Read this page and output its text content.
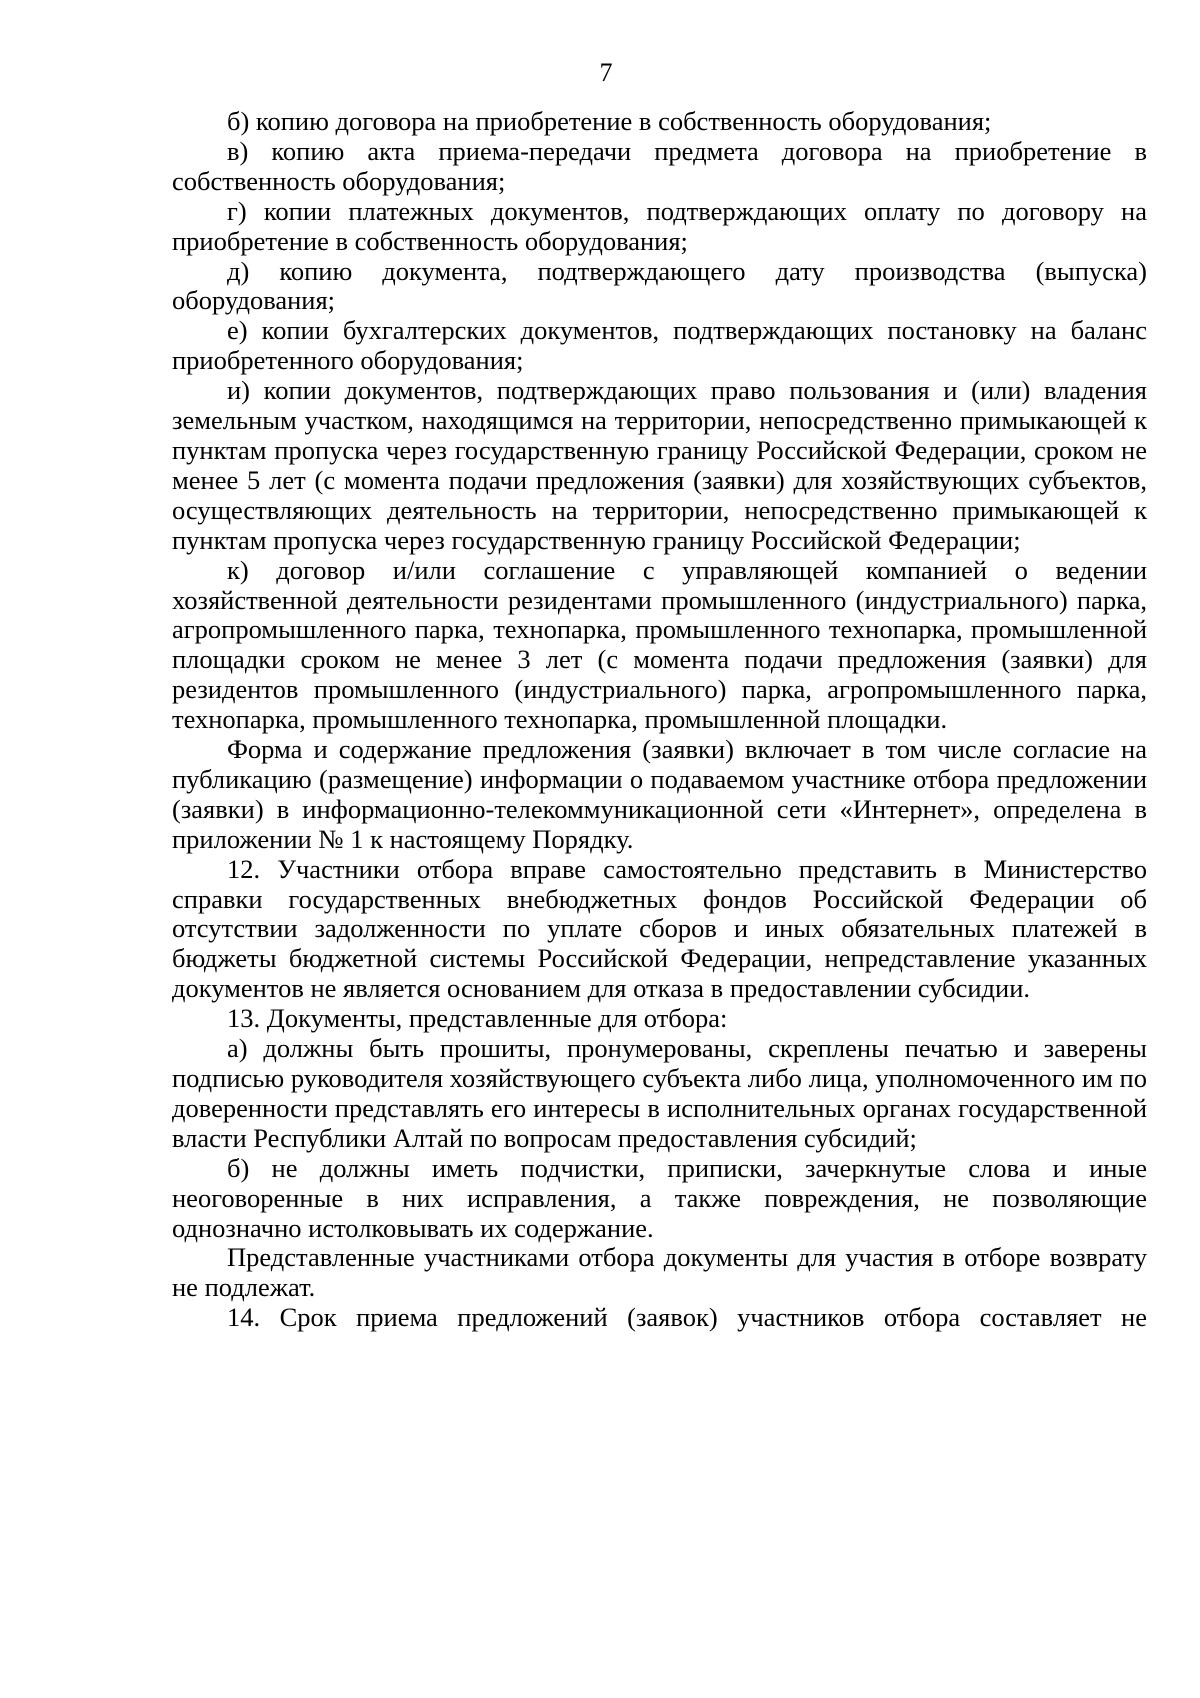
7

б) копию договора на приобретение в собственность оборудования;

в) копию акта приема-передачи предмета договора на приобретение в собственность оборудования;

г) копии платежных документов, подтверждающих оплату по договору на приобретение в собственность оборудования;

д) копию документа, подтверждающего дату производства (выпуска) оборудования;

е) копии бухгалтерских документов, подтверждающих постановку на баланс приобретенного оборудования;

и) копии документов, подтверждающих право пользования и (или) владения земельным участком, находящимся на территории, непосредственно примыкающей к пунктам пропуска через государственную границу Российской Федерации, сроком не менее 5 лет (с момента подачи предложения (заявки) для хозяйствующих субъектов, осуществляющих деятельность на территории, непосредственно примыкающей к пунктам пропуска через государственную границу Российской Федерации;

к) договор и/или соглашение с управляющей компанией о ведении хозяйственной деятельности резидентами промышленного (индустриального) парка, агропромышленного парка, технопарка, промышленного технопарка, промышленной площадки сроком не менее 3 лет (с момента подачи предложения (заявки) для резидентов промышленного (индустриального) парка, агропромышленного парка, технопарка, промышленного технопарка, промышленной площадки.

Форма и содержание предложения (заявки) включает в том числе согласие на публикацию (размещение) информации о подаваемом участнике отбора предложении (заявки) в информационно-телекоммуникационной сети «Интернет», определена в приложении № 1 к настоящему Порядку.

12. Участники отбора вправе самостоятельно представить в Министерство справки государственных внебюджетных фондов Российской Федерации об отсутствии задолженности по уплате сборов и иных обязательных платежей в бюджеты бюджетной системы Российской Федерации, непредставление указанных документов не является основанием для отказа в предоставлении субсидии.

13. Документы, представленные для отбора:

а) должны быть прошиты, пронумерованы, скреплены печатью и заверены подписью руководителя хозяйствующего субъекта либо лица, уполномоченного им по доверенности представлять его интересы в исполнительных органах государственной власти Республики Алтай по вопросам предоставления субсидий;

б) не должны иметь подчистки, приписки, зачеркнутые слова и иные неоговоренные в них исправления, а также повреждения, не позволяющие однозначно истолковывать их содержание.

Представленные участниками отбора документы для участия в отборе возврату не подлежат.

14. Срок приема предложений (заявок) участников отбора составляет не
